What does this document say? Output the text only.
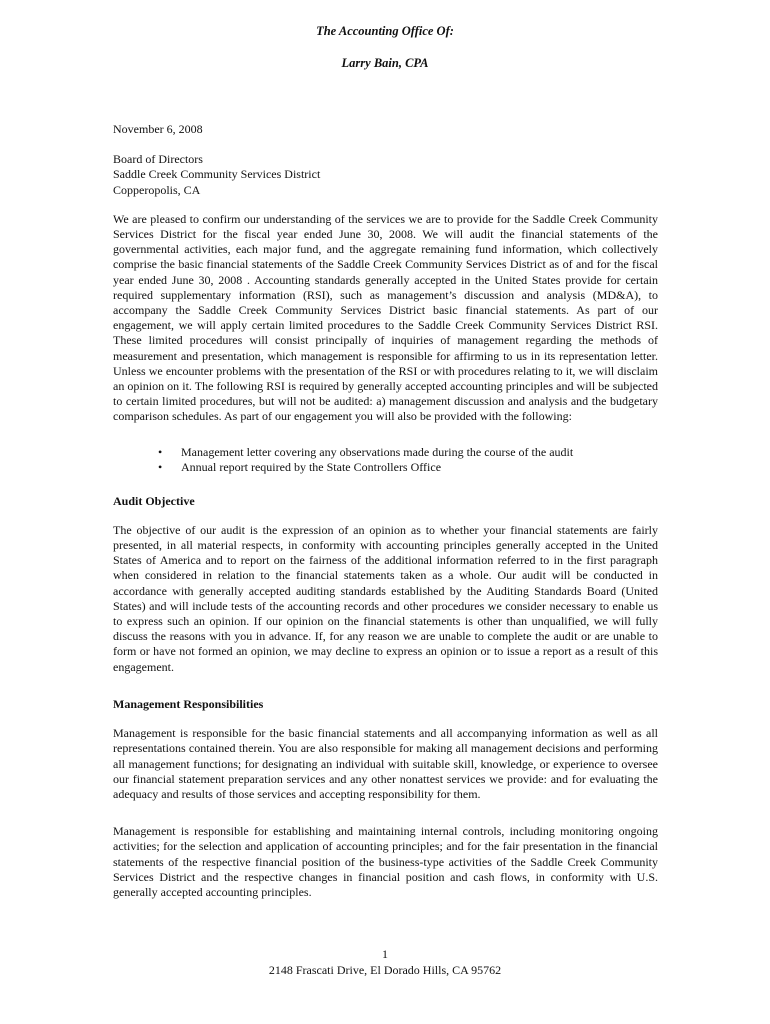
The Accounting Office Of:
Larry Bain, CPA

November 6, 2008

Board of Directors
Saddle Creek Community Services District
Copperopolis, CA

We are pleased to confirm our understanding of the services we are to provide for the Saddle Creek Community Services District for the fiscal year ended June 30, 2008. We will audit the financial statements of the governmental activities, each major fund, and the aggregate remaining fund information, which collectively comprise the basic financial statements of the Saddle Creek Community Services District as of and for the fiscal year ended June 30, 2008 . Accounting standards generally accepted in the United States provide for certain required supplementary information (RSI), such as management’s discussion and analysis (MD&A), to accompany the Saddle Creek Community Services District basic financial statements. As part of our engagement, we will apply certain limited procedures to the Saddle Creek Community Services District RSI. These limited procedures will consist principally of inquiries of management regarding the methods of measurement and presentation, which management is responsible for affirming to us in its representation letter. Unless we encounter problems with the presentation of the RSI or with procedures relating to it, we will disclaim an opinion on it. The following RSI is required by generally accepted accounting principles and will be subjected to certain limited procedures, but will not be audited: a) management discussion and analysis and the budgetary comparison schedules. As part of our engagement you will also be provided with the following:

• Management letter covering any observations made during the course of the audit
• Annual report required by the State Controllers Office
Audit Objective

The objective of our audit is the expression of an opinion as to whether your financial statements are fairly presented, in all material respects, in conformity with accounting principles generally accepted in the United States of America and to report on the fairness of the additional information referred to in the first paragraph when considered in relation to the financial statements taken as a whole. Our audit will be conducted in accordance with generally accepted auditing standards established by the Auditing Standards Board (United States) and will include tests of the accounting records and other procedures we consider necessary to enable us to express such an opinion. If our opinion on the financial statements is other than unqualified, we will fully discuss the reasons with you in advance. If, for any reason we are unable to complete the audit or are unable to form or have not formed an opinion, we may decline to express an opinion or to issue a report as a result of this engagement.

Management Responsibilities

Management is responsible for the basic financial statements and all accompanying information as well as all representations contained therein. You are also responsible for making all management decisions and performing all management functions; for designating an individual with suitable skill, knowledge, or experience to oversee our financial statement preparation services and any other nonattest services we provide: and for evaluating the adequacy and results of those services and accepting responsibility for them.

Management is responsible for establishing and maintaining internal controls, including monitoring ongoing activities; for the selection and application of accounting principles; and for the fair presentation in the financial statements of the respective financial position of the business-type activities of the Saddle Creek Community Services District and the respective changes in financial position and cash flows, in conformity with U.S. generally accepted accounting principles.

1
2148 Frascati Drive, El Dorado Hills, CA 95762
